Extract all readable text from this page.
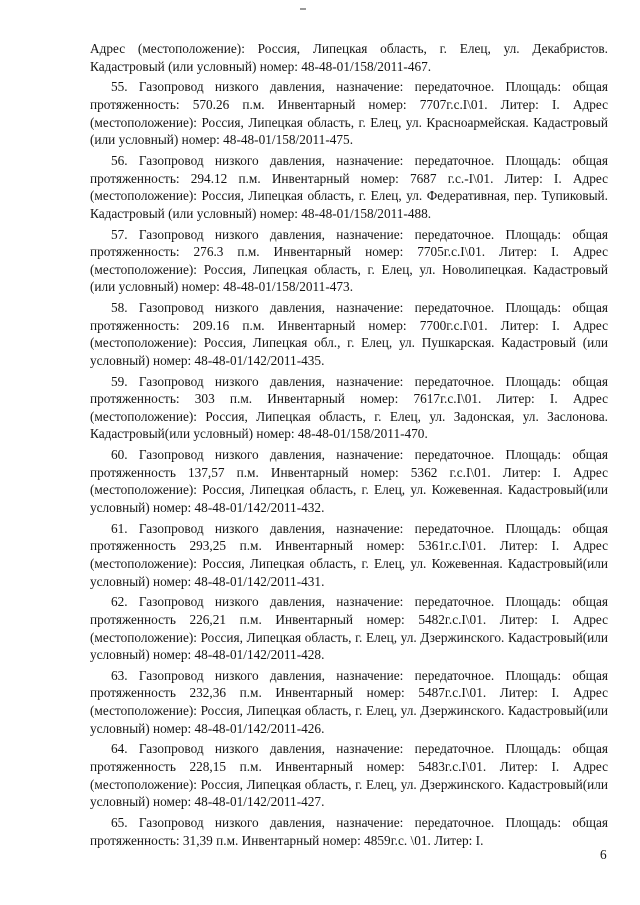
Адрес (местоположение): Россия, Липецкая область, г. Елец, ул. Декабристов. Кадастровый (или условный) номер: 48-48-01/158/2011-467.

55. Газопровод низкого давления, назначение: передаточное. Площадь: общая протяженность: 570.26 п.м. Инвентарный номер: 7707г.с.I\01. Литер: I. Адрес (местоположение): Россия, Липецкая область, г. Елец, ул. Красноармейская. Кадастровый (или условный) номер: 48-48-01/158/2011-475.

56. Газопровод низкого давления, назначение: передаточное. Площадь: общая протяженность: 294.12 п.м. Инвентарный номер: 7687 г.с.-I\01. Литер: I. Адрес (местоположение): Россия, Липецкая область, г. Елец, ул. Федеративная, пер. Тупиковый. Кадастровый (или условный) номер: 48-48-01/158/2011-488.

57. Газопровод низкого давления, назначение: передаточное. Площадь: общая протяженность: 276.3 п.м. Инвентарный номер: 7705г.с.I\01. Литер: I. Адрес (местоположение): Россия, Липецкая область, г. Елец, ул. Новолипецкая. Кадастровый (или условный) номер: 48-48-01/158/2011-473.

58. Газопровод низкого давления, назначение: передаточное. Площадь: общая протяженность: 209.16 п.м. Инвентарный номер: 7700г.с.I\01. Литер: I. Адрес (местоположение): Россия, Липецкая обл., г. Елец, ул. Пушкарская. Кадастровый (или условный) номер: 48-48-01/142/2011-435.

59. Газопровод низкого давления, назначение: передаточное. Площадь: общая протяженность: 303 п.м. Инвентарный номер: 7617г.с.I\01. Литер: I. Адрес (местоположение): Россия, Липецкая область, г. Елец, ул. Задонская, ул. Заслонова. Кадастровый(или условный) номер: 48-48-01/158/2011-470.

60. Газопровод низкого давления, назначение: передаточное. Площадь: общая протяженность 137,57 п.м. Инвентарный номер: 5362 г.с.I\01. Литер: I. Адрес (местоположение): Россия, Липецкая область, г. Елец, ул. Кожевенная. Кадастровый(или условный) номер: 48-48-01/142/2011-432.

61. Газопровод низкого давления, назначение: передаточное. Площадь: общая протяженность 293,25 п.м. Инвентарный номер: 5361г.с.I\01. Литер: I. Адрес (местоположение): Россия, Липецкая область, г. Елец, ул. Кожевенная. Кадастровый(или условный) номер: 48-48-01/142/2011-431.

62. Газопровод низкого давления, назначение: передаточное. Площадь: общая протяженность 226,21 п.м. Инвентарный номер: 5482г.с.I\01. Литер: I. Адрес (местоположение): Россия, Липецкая область, г. Елец, ул. Дзержинского. Кадастровый(или условный) номер: 48-48-01/142/2011-428.

63. Газопровод низкого давления, назначение: передаточное. Площадь: общая протяженность 232,36 п.м. Инвентарный номер: 5487г.с.I\01. Литер: I. Адрес (местоположение): Россия, Липецкая область, г. Елец, ул. Дзержинского. Кадастровый(или условный) номер: 48-48-01/142/2011-426.

64. Газопровод низкого давления, назначение: передаточное. Площадь: общая протяженность 228,15 п.м. Инвентарный номер: 5483г.с.I\01. Литер: I. Адрес (местоположение): Россия, Липецкая область, г. Елец, ул. Дзержинского. Кадастровый(или условный) номер: 48-48-01/142/2011-427.

65. Газопровод низкого давления, назначение: передаточное. Площадь: общая протяженность: 31,39 п.м. Инвентарный номер: 4859г.с. \01. Литер: I.

6
